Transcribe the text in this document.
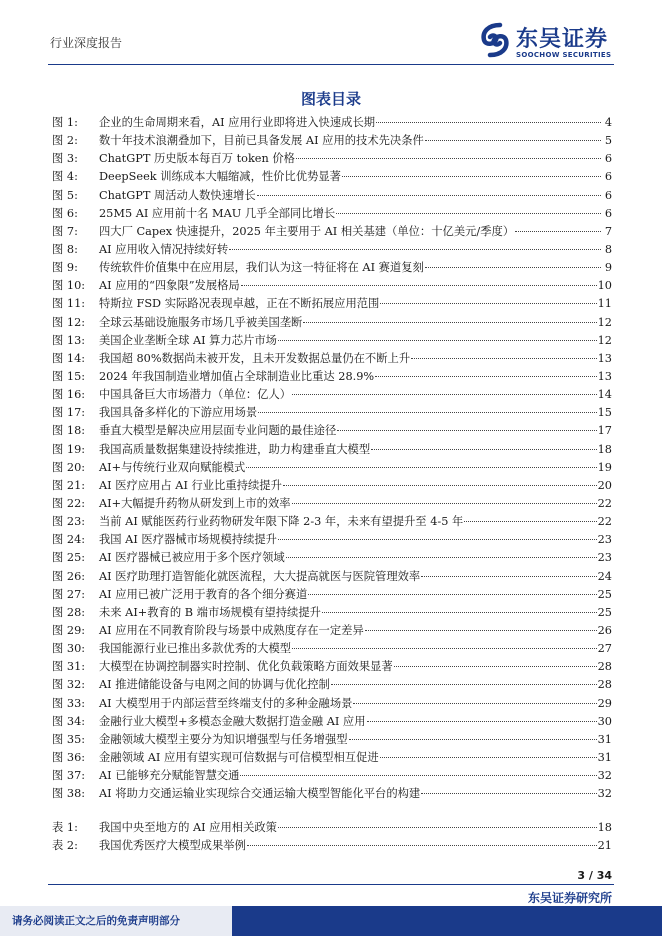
行业深度报告	东吴证券
SOOCHOW SECURITIES
图表目录
图 1:	企业的生命周期来看，AI 应用行业即将进入快速成长期	4
图 2:	数十年技术浪潮叠加下，目前已具备发展 AI 应用的技术先决条件	5
图 3:	ChatGPT 历史版本每百万 token 价格	6
图 4:	DeepSeek 训练成本大幅缩减，性价比优势显著	6
图 5:	ChatGPT 周活动人数快速增长	6
图 6:	25M5 AI 应用前十名 MAU 几乎全部同比增长	6
图 7:	四大厂 Capex 快速提升，2025 年主要用于 AI 相关基建（单位：十亿美元/季度）	7
图 8:	AI 应用收入情况持续好转	8
图 9:	传统软件价值集中在应用层，我们认为这一特征将在 AI 赛道复刻	9
图 10:	AI 应用的“四象限”发展格局	10
图 11:	特斯拉 FSD 实际路况表现卓越，正在不断拓展应用范围	11
图 12:	全球云基础设施服务市场几乎被美国垄断	12
图 13:	美国企业垄断全球 AI 算力芯片市场	12
图 14:	我国超 80%数据尚未被开发，且未开发数据总量仍在不断上升	13
图 15:	2024 年我国制造业增加值占全球制造业比重达 28.9%	13
图 16:	中国具备巨大市场潜力（单位：亿人）	14
图 17:	我国具备多样化的下游应用场景	15
图 18:	垂直大模型是解决应用层面专业问题的最佳途径	17
图 19:	我国高质量数据集建设持续推进，助力构建垂直大模型	18
图 20:	AI+与传统行业双向赋能模式	19
图 21:	AI 医疗应用占 AI 行业比重持续提升	20
图 22:	AI+大幅提升药物从研发到上市的效率	22
图 23:	当前 AI 赋能医药行业药物研发年限下降 2-3 年，未来有望提升至 4-5 年	22
图 24:	我国 AI 医疗器械市场规模持续提升	23
图 25:	AI 医疗器械已被应用于多个医疗领域	23
图 26:	AI 医疗助理打造智能化就医流程，大大提高就医与医院管理效率	24
图 27:	AI 应用已被广泛用于教育的各个细分赛道	25
图 28:	未来 AI+教育的 B 端市场规模有望持续提升	25
图 29:	AI 应用在不同教育阶段与场景中成熟度存在一定差异	26
图 30:	我国能源行业已推出多款优秀的大模型	27
图 31:	大模型在协调控制器实时控制、优化负载策略方面效果显著	28
图 32:	AI 推进储能设备与电网之间的协调与优化控制	28
图 33:	AI 大模型用于内部运营至终端支付的多种金融场景	29
图 34:	金融行业大模型+多模态金融大数据打造金融 AI 应用	30
图 35:	金融领域大模型主要分为知识增强型与任务增强型	31
图 36:	金融领域 AI 应用有望实现可信数据与可信模型相互促进	31
图 37:	AI 已能够充分赋能智慧交通	32
图 38:	AI 将助力交通运输业实现综合交通运输大模型智能化平台的构建	32
表 1:	我国中央至地方的 AI 应用相关政策	18
表 2:	我国优秀医疗大模型成果举例	21
3 / 34
东吴证券研究所
请务必阅读正文之后的免责声明部分
